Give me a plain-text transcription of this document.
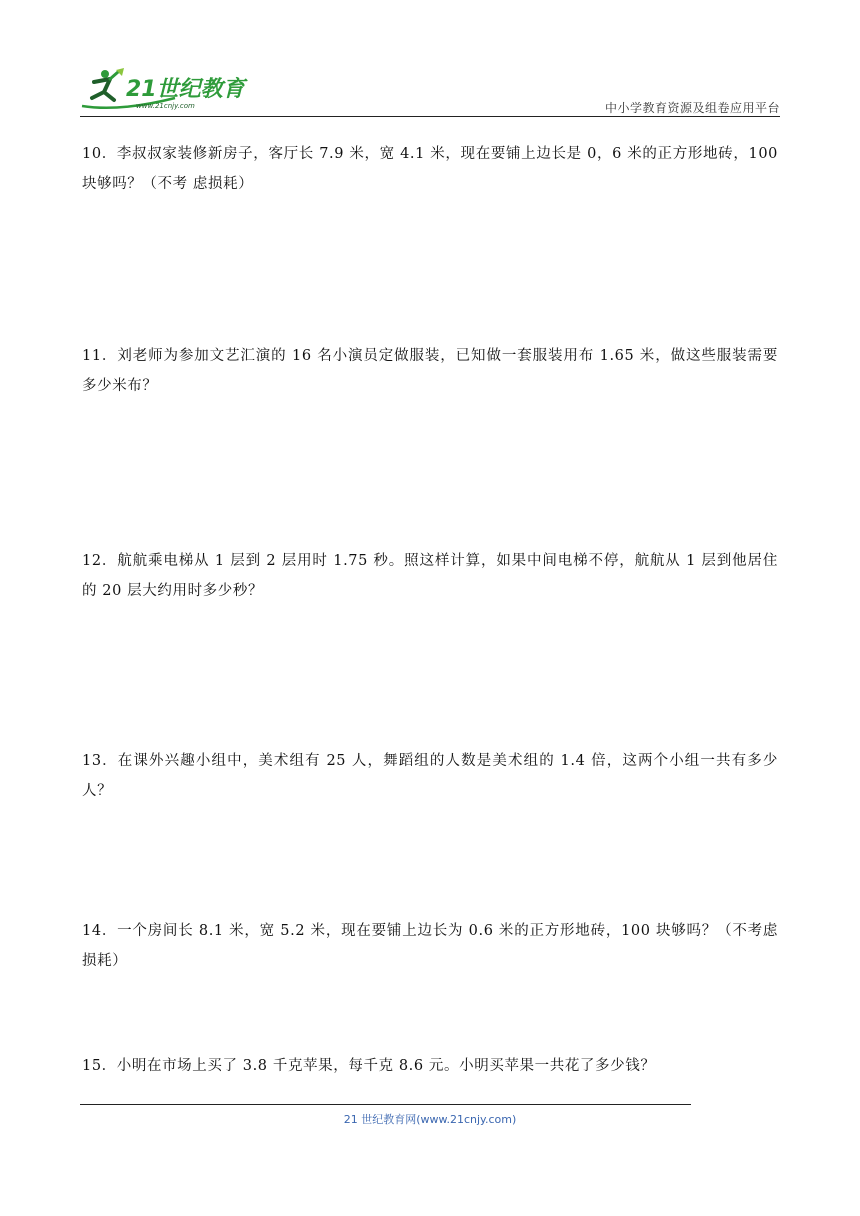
21世纪教育
www.21cnjy.com	中小学教育资源及组卷应用平台
10．李叔叔家装修新房子，客厅长 7.9 米，宽 4.1 米，现在要铺上边长是 0，6 米的正方形地砖，100 块够吗？（不考 虑损耗）
11．刘老师为参加文艺汇演的 16 名小演员定做服装，已知做一套服装用布 1.65 米，做这些服装需要多少米布？
12．航航乘电梯从 1 层到 2 层用时 1.75 秒。照这样计算，如果中间电梯不停，航航从 1 层到他居住的 20 层大约用时多少秒？
13．在课外兴趣小组中，美术组有 25 人，舞蹈组的人数是美术组的 1.4 倍，这两个小组一共有多少人？
14．一个房间长 8.1 米，宽 5.2 米，现在要铺上边长为 0.6 米的正方形地砖，100 块够吗？（不考虑损耗）
15．小明在市场上买了 3.8 千克苹果，每千克 8.6 元。小明买苹果一共花了多少钱？
21 世纪教育网(www.21cnjy.com)
